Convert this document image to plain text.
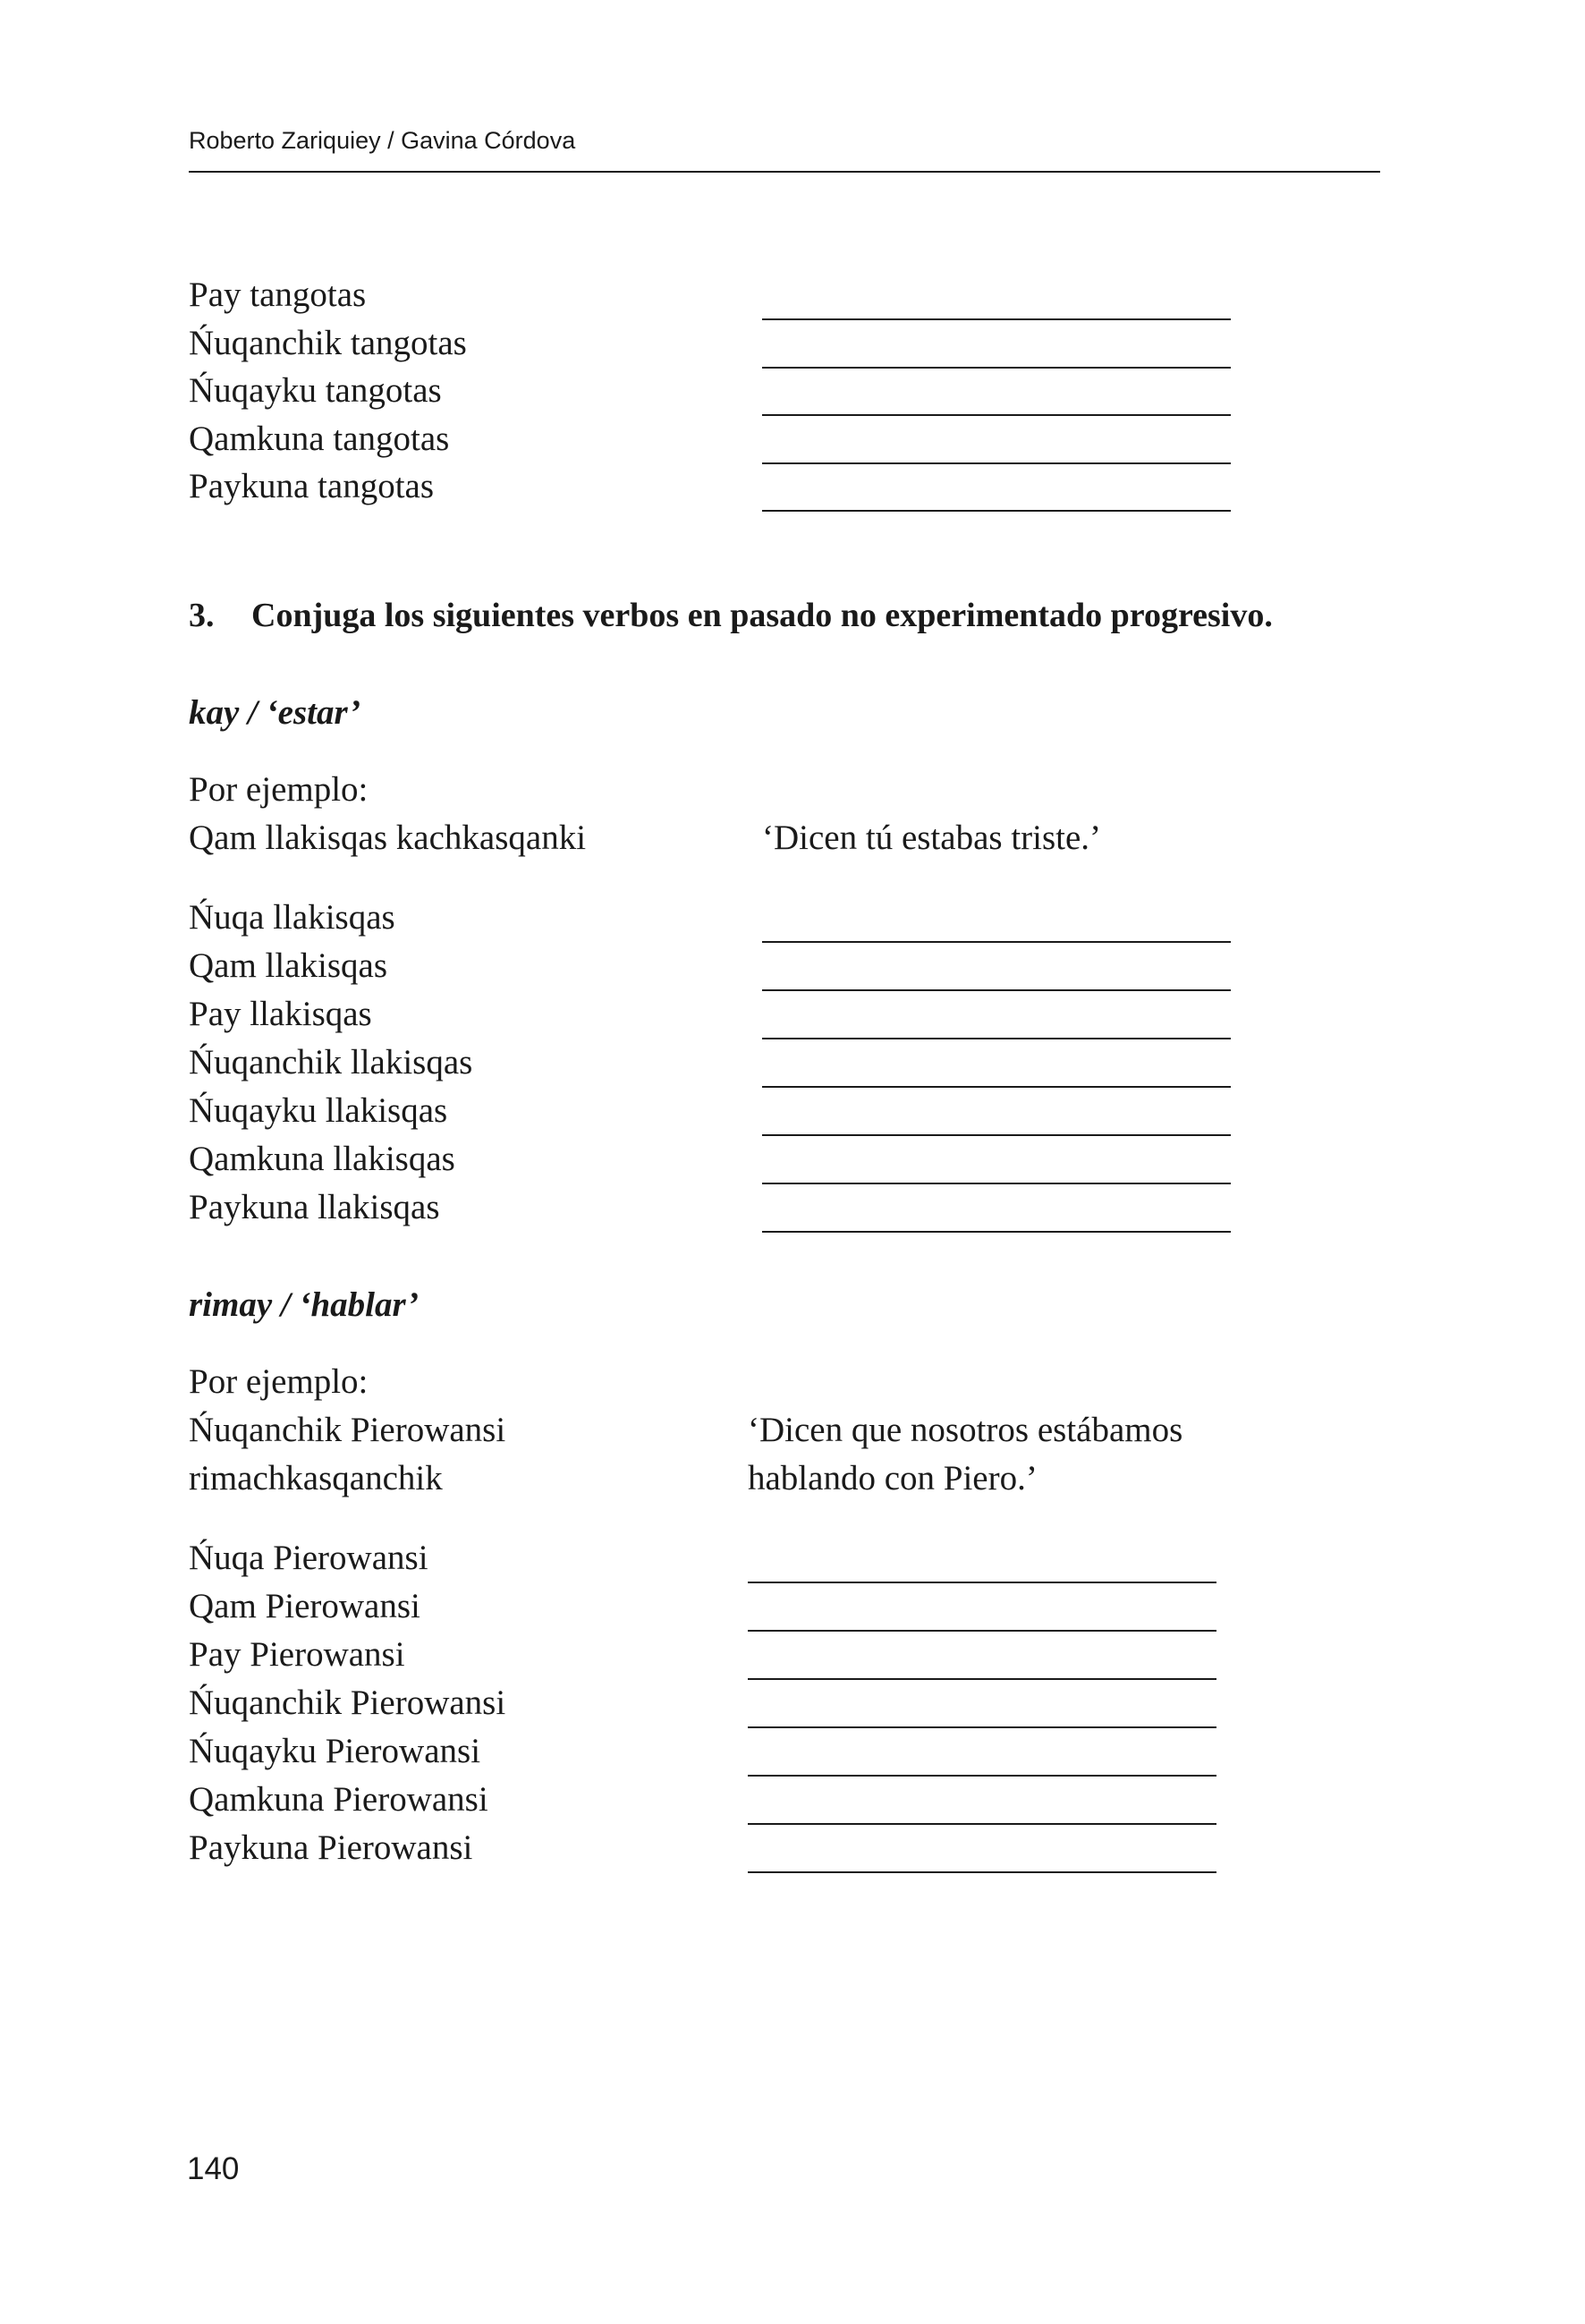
Roberto Zariquiey / Gavina Córdova
Pay tangotas
Ńuqanchik tangotas
Ńuqayku tangotas
Qamkuna tangotas
Paykuna tangotas
3. Conjuga los siguientes verbos en pasado no experimentado progresivo.
kay / ‘estar’
Por ejemplo:
Qam llakisqas kachkasqanki	‘Dicen tú estabas triste.’
Ńuqa llakisqas
Qam llakisqas
Pay llakisqas
Ńuqanchik llakisqas
Ńuqayku llakisqas
Qamkuna llakisqas
Paykuna llakisqas
rimay / ‘hablar’
Por ejemplo:
Ńuqanchik Pierowansi
rimachkasqanchik
‘Dicen que nosotros estábamos
hablando con Piero.’
Ńuqa Pierowansi
Qam Pierowansi
Pay Pierowansi
Ńuqanchik Pierowansi
Ńuqayku Pierowansi
Qamkuna Pierowansi
Paykuna Pierowansi
140
